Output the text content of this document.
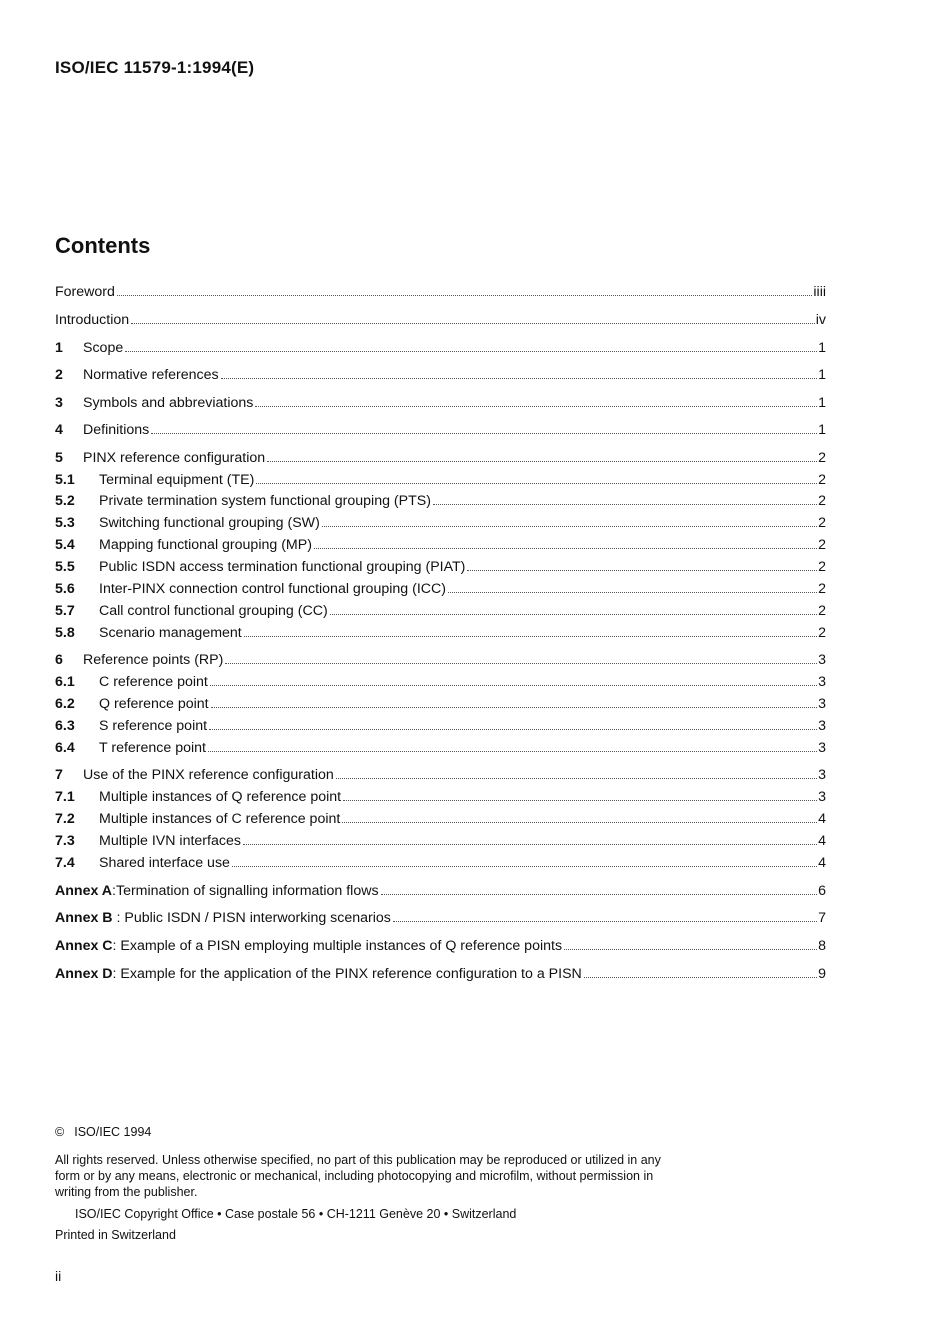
ISO/IEC 11579-1:1994(E)
Contents
Foreword	iiii
Introduction	iv
1	Scope	1
2	Normative references	1
3	Symbols and abbreviations	1
4	Definitions	1
5	PINX reference configuration	2
5.1	Terminal equipment (TE)	2
5.2	Private termination system functional grouping (PTS)	2
5.3	Switching functional grouping (SW)	2
5.4	Mapping functional grouping (MP)	2
5.5	Public ISDN access termination functional grouping (PIAT)	2
5.6	Inter-PINX connection control functional grouping (ICC)	2
5.7	Call control functional grouping (CC)	2
5.8	Scenario management	2
6	Reference points (RP)	3
6.1	C reference point	3
6.2	Q reference point	3
6.3	S reference point	3
6.4	T reference point	3
7	Use of the PINX reference configuration	3
7.1	Multiple instances of Q reference point	3
7.2	Multiple instances of C reference point	4
7.3	Multiple IVN interfaces	4
7.4	Shared interface use	4
Annex A :Termination of signalling information flows	6
Annex B : Public ISDN / PISN interworking scenarios	7
Annex C : Example of a PISN employing multiple instances of Q reference points	8
Annex D : Example for the application of the PINX reference configuration to a PISN	9
© ISO/IEC 1994
All rights reserved. Unless otherwise specified, no part of this publication may be reproduced or utilized in any form or by any means, electronic or mechanical, including photocopying and microfilm, without permission in writing from the publisher.
ISO/IEC Copyright Office • Case postale 56 • CH-1211 Genève 20 • Switzerland
Printed in Switzerland
ii
